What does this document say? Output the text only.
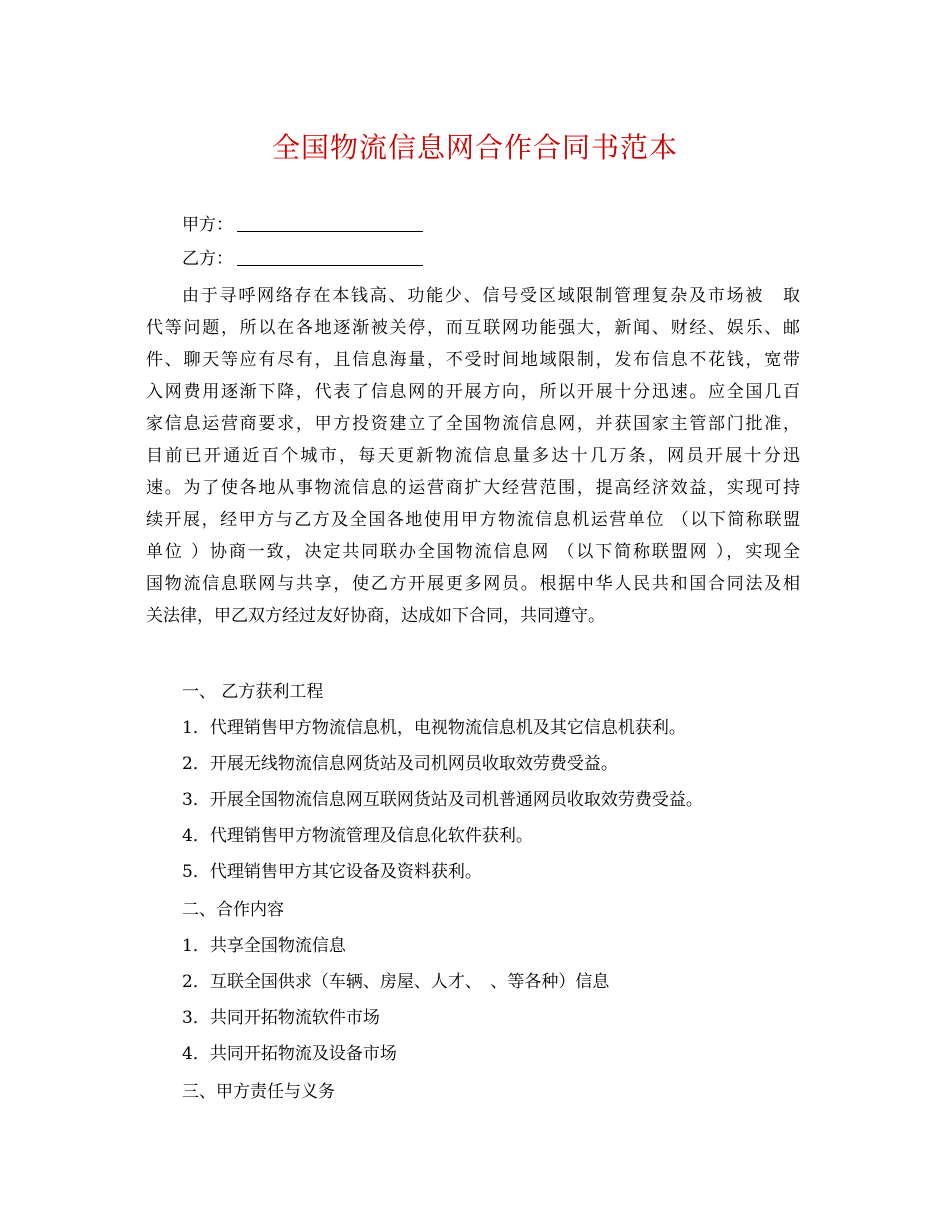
全国物流信息网合作合同书范本
甲方：
乙方：
由于寻呼网络存在本钱高、功能少、信号受区域限制管理复杂及市场被　取
代等问题，所以在各地逐渐被关停，而互联网功能强大，新闻、财经、娱乐、邮
件、聊天等应有尽有，且信息海量，不受时间地域限制，发布信息不花钱，宽带
入网费用逐渐下降，代表了信息网的开展方向，所以开展十分迅速。应全国几百
家信息运营商要求，甲方投资建立了全国物流信息网，并获国家主管部门批准，
目前已开通近百个城市，每天更新物流信息量多达十几万条，网员开展十分迅
速。为了使各地从事物流信息的运营商扩大经营范围，提高经济效益，实现可持
续开展，经甲方与乙方及全国各地使用甲方物流信息机运营单位 （以下简称联盟
单位 ）协商一致，决定共同联办全国物流信息网 （以下简称联盟网 ），实现全
国物流信息联网与共享，使乙方开展更多网员。根据中华人民共和国合同法及相
关法律，甲乙双方经过友好协商，达成如下合同，共同遵守。
一、 乙方获利工程
1．代理销售甲方物流信息机，电视物流信息机及其它信息机获利。
2．开展无线物流信息网货站及司机网员收取效劳费受益。
3．开展全国物流信息网互联网货站及司机普通网员收取效劳费受益。
4．代理销售甲方物流管理及信息化软件获利。
5．代理销售甲方其它设备及资料获利。
二、合作内容
1．共享全国物流信息
2．互联全国供求（车辆、房屋、人才、　、等各种）信息
3．共同开拓物流软件市场
4．共同开拓物流及设备市场
三、甲方责任与义务
